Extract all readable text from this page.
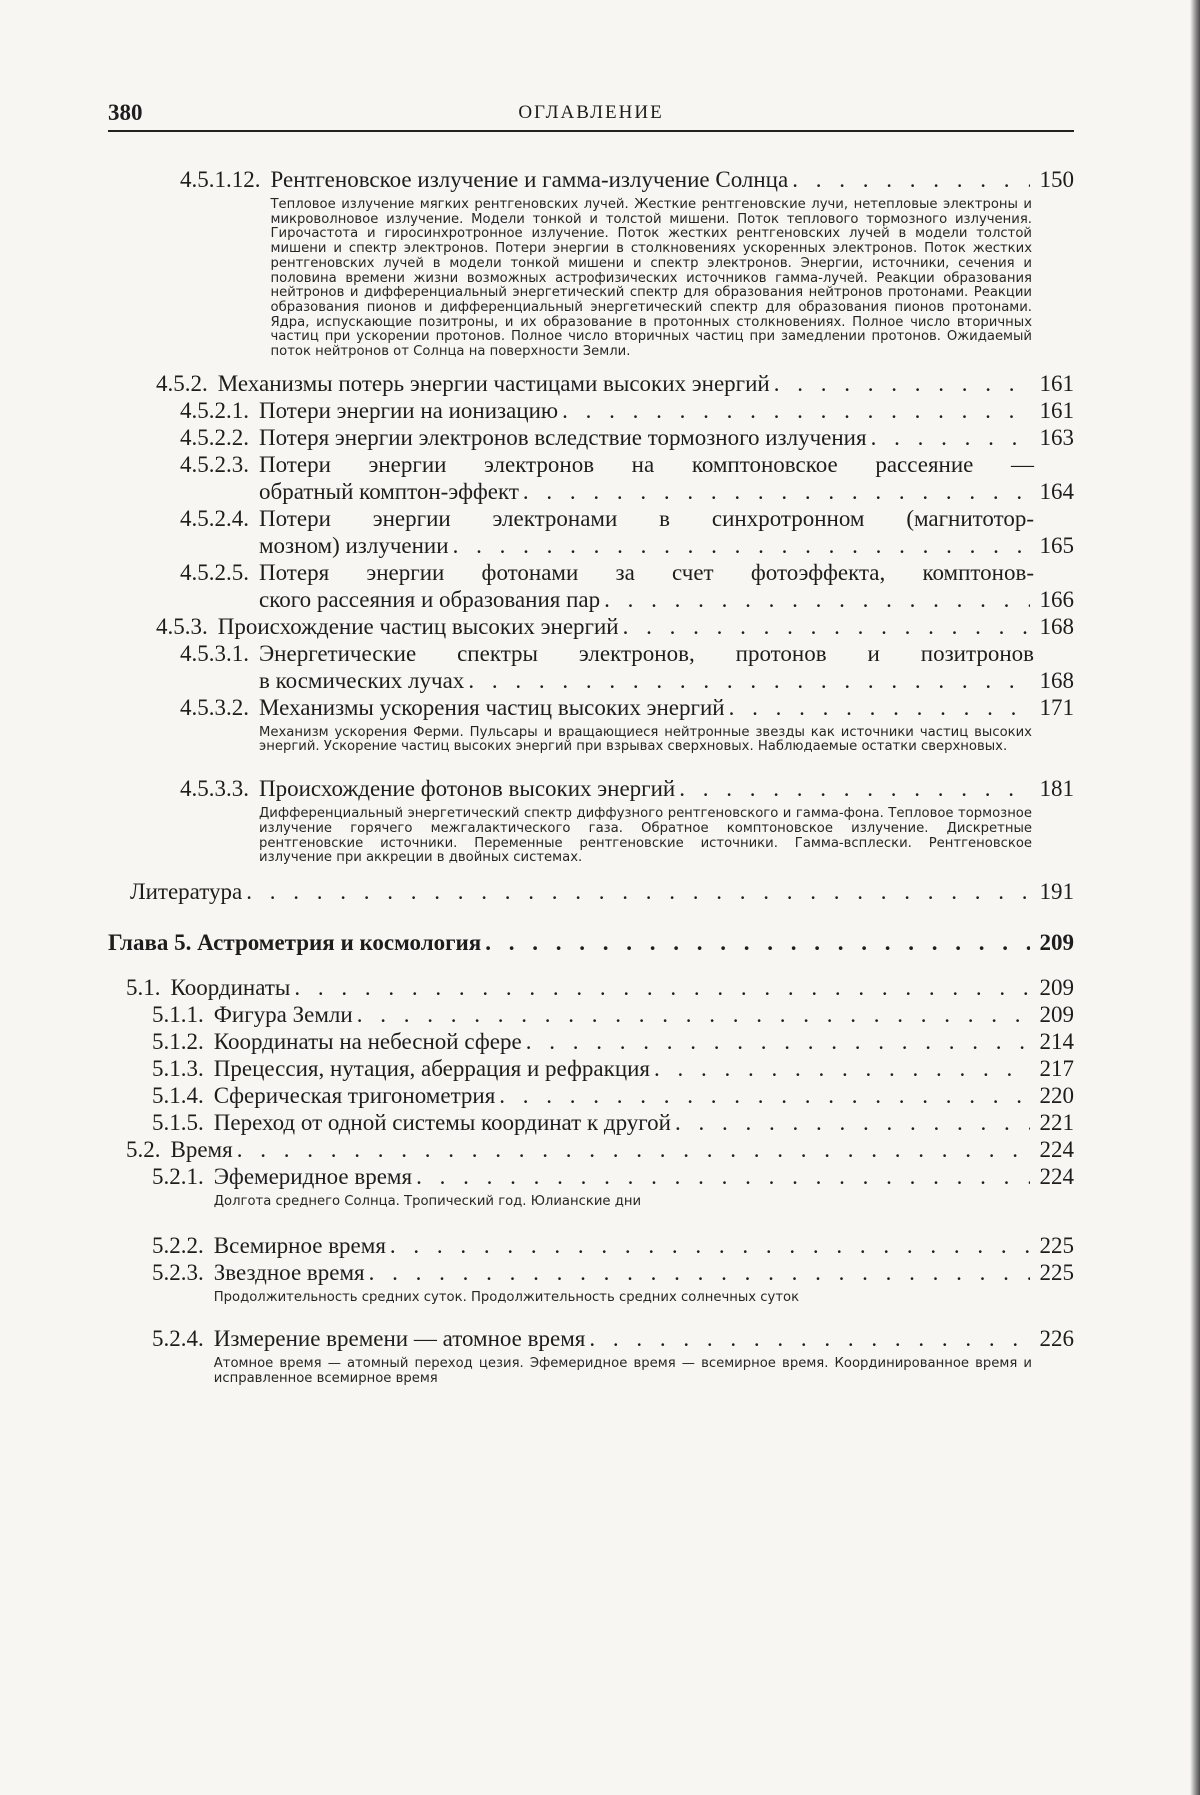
380	ОГЛАВЛЕНИЕ
4.5.1.12. Рентгеновское излучение и гамма-излучение Солнца . . .	150
Тепловое излучение мягких рентгеновских лучей. Жесткие рентгеновские лучи, нетепловые электроны и микроволновое излучение. Модели тонкой и толстой мишени. Поток теплового тормозного излучения. Гирочастота и гиросинхротронное излучение. Поток жестких рентгеновских лучей в модели толстой мишени и спектр электронов. Потери энергии в столкновениях ускоренных электронов. Поток жестких рентгеновских лучей в модели тонкой мишени и спектр электронов. Энергии, источники, сечения и половина времени жизни возможных астрофизических источников гамма-лучей. Реакции образования нейтронов и дифференциальный энергетический спектр для образования нейтронов протонами. Реакции образования пионов и дифференциальный энергетический спектр для образования пионов протонами. Ядра, испускающие позитроны, и их образование в протонных столкновениях. Полное число вторичных частиц при ускорении протонов. Полное число вторичных частиц при замедлении протонов. Ожидаемый поток нейтронов от Солнца на поверхности Земли.
4.5.2. Механизмы потерь энергии частицами высоких энергий . . .	161
4.5.2.1. Потери энергии на ионизацию . . .	161
4.5.2.2. Потеря энергии электронов вследствие тормозного излучения . . .	163
4.5.2.3. Потери энергии электронов на комптоновское рассеяние —
обратный комптон-эффект . . .	164
4.5.2.4. Потери энергии электронами в синхротронном (магнитотор-
мозном) излучении . . .	165
4.5.2.5. Потеря энергии фотонами за счет фотоэффекта, комптонов-
ского рассеяния и образования пар . . .	166
4.5.3. Происхождение частиц высоких энергий . . .	168
4.5.3.1. Энергетические спектры электронов, протонов и позитронов
в космических лучах . . .	168
4.5.3.2. Механизмы ускорения частиц высоких энергий . . .	171
Механизм ускорения Ферми. Пульсары и вращающиеся нейтронные звезды как источники частиц высоких энергий. Ускорение частиц высоких энергий при взрывах сверхновых. Наблюдаемые остатки сверхновых.
4.5.3.3. Происхождение фотонов высоких энергий . . .	181
Дифференциальный энергетический спектр диффузного рентгеновского и гамма-фона. Тепловое тормозное излучение горячего межгалактического газа. Обратное комптоновское излучение. Дискретные рентгеновские источники. Переменные рентгеновские источники. Гамма-всплески. Рентгеновское излучение при аккреции в двойных системах.
Литература . . .	191
Глава 5. Астрометрия и космология . . .	209
5.1. Координаты . . .	209
5.1.1. Фигура Земли . . .	209
5.1.2. Координаты на небесной сфере . . .	214
5.1.3. Прецессия, нутация, аберрация и рефракция . . .	217
5.1.4. Сферическая тригонометрия . . .	220
5.1.5. Переход от одной системы координат к другой . . .	221
5.2. Время . . .	224
5.2.1. Эфемеридное время . . .	224
Долгота среднего Солнца. Тропический год. Юлианские дни
5.2.2. Всемирное время . . .	225
5.2.3. Звездное время . . .	225
Продолжительность средних суток. Продолжительность средних солнечных суток
5.2.4. Измерение времени — атомное время . . .	226
Атомное время — атомный переход цезия. Эфемеридное время — всемирное время. Координированное время и исправленное всемирное время
